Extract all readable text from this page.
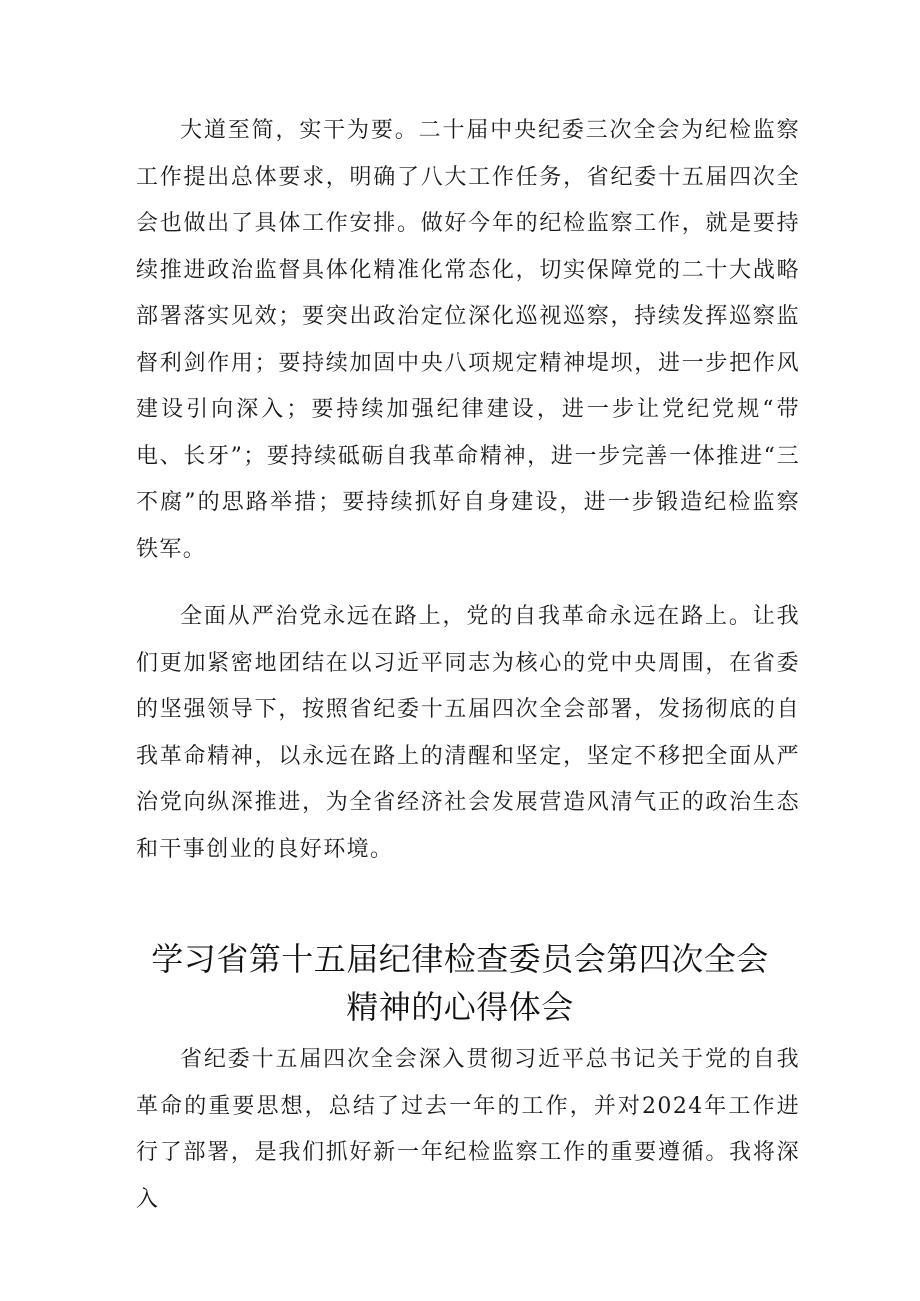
大道至简，实干为要。二十届中央纪委三次全会为纪检监察工作提出总体要求，明确了八大工作任务，省纪委十五届四次全会也做出了具体工作安排。做好今年的纪检监察工作，就是要持续推进政治监督具体化精准化常态化，切实保障党的二十大战略部署落实见效；要突出政治定位深化巡视巡察，持续发挥巡察监督利剑作用；要持续加固中央八项规定精神堤坝，进一步把作风建设引向深入；要持续加强纪律建设，进一步让党纪党规“带电、长牙”；要持续砥砺自我革命精神，进一步完善一体推进“三不腐”的思路举措；要持续抓好自身建设，进一步锻造纪检监察铁军。

全面从严治党永远在路上，党的自我革命永远在路上。让我们更加紧密地团结在以习近平同志为核心的党中央周围，在省委的坚强领导下，按照省纪委十五届四次全会部署，发扬彻底的自我革命精神，以永远在路上的清醒和坚定，坚定不移把全面从严治党向纵深推进，为全省经济社会发展营造风清气正的政治生态和干事创业的良好环境。

学习省第十五届纪律检查委员会第四次全会精神的心得体会

省纪委十五届四次全会深入贯彻习近平总书记关于党的自我革命的重要思想，总结了过去一年的工作，并对2024年工作进行了部署，是我们抓好新一年纪检监察工作的重要遵循。我将深入
